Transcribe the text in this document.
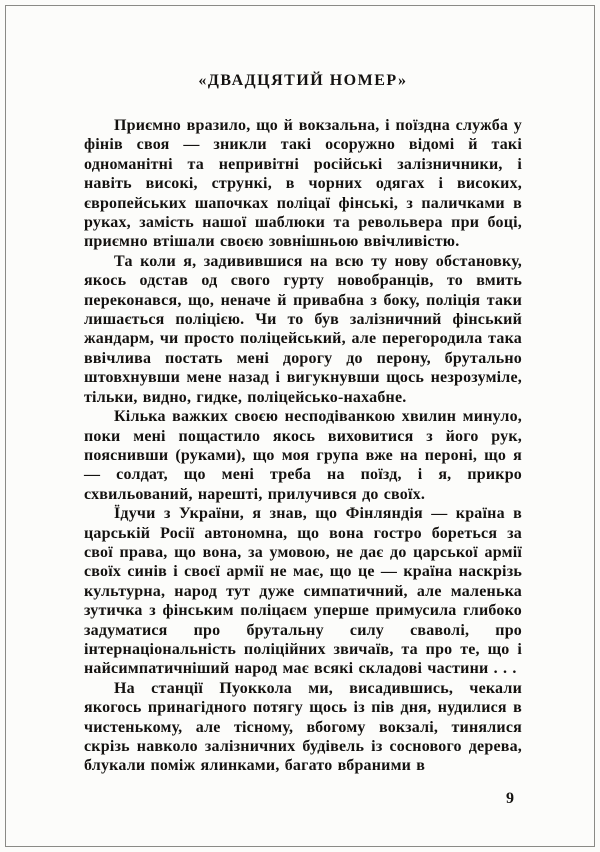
«ДВАДЦЯТИЙ НОМЕР»

Приємно вразило, що й вокзальна, і поїздна служба у фінів своя — зникли такі осоружно відомі й такі одноманітні та непривітні російські залізничники, і навіть високі, стрункі, в чорних одягах і високих, європейських шапочках поліцаї фінські, з паличками в руках, замість нашої шаблюки та револьвера при боці, приємно втішали своєю зовнішньою ввічливістю.

Та коли я, задивившися на всю ту нову обстановку, якось одстав од свого гурту новобранців, то вмить переконався, що, неначе й привабна з боку, поліція таки лишається поліцією. Чи то був залізничний фінський жандарм, чи просто поліцейський, але перегородила така ввічлива постать мені дорогу до перону, брутально штовхнувши мене назад і вигукнувши щось незрозуміле, тільки, видно, гидке, поліцейсько-нахабне.

Кілька важких своєю несподіванкою хвилин минуло, поки мені пощастило якось виховитися з його рук, пояснивши (руками), що моя група вже на пероні, що я — солдат, що мені треба на поїзд, і я, прикро схвильований, нарешті, прилучився до своїх.

Їдучи з України, я знав, що Фінляндія — країна в царській Росії автономна, що вона гостро бореться за свої права, що вона, за умовою, не дає до царської армії своїх синів і своєї армії не має, що це — країна наскрізь культурна, народ тут дуже симпатичний, але маленька зутичка з фінським поліцаєм уперше примусила глибоко задуматися про брутальну силу сваволі, про інтернаціональність поліційних звичаїв, та про те, що і найсимпатичніший народ має всякі складові частини . . .

На станції Пуоккола ми, висадившись, чекали якогось принагідного потягу щось із пів дня, нудилися в чистенькому, але тісному, вбогому вокзалі, тинялися скрізь навколо залізничних будівель із соснового дерева, блукали поміж ялинками, багато вбраними в

9
